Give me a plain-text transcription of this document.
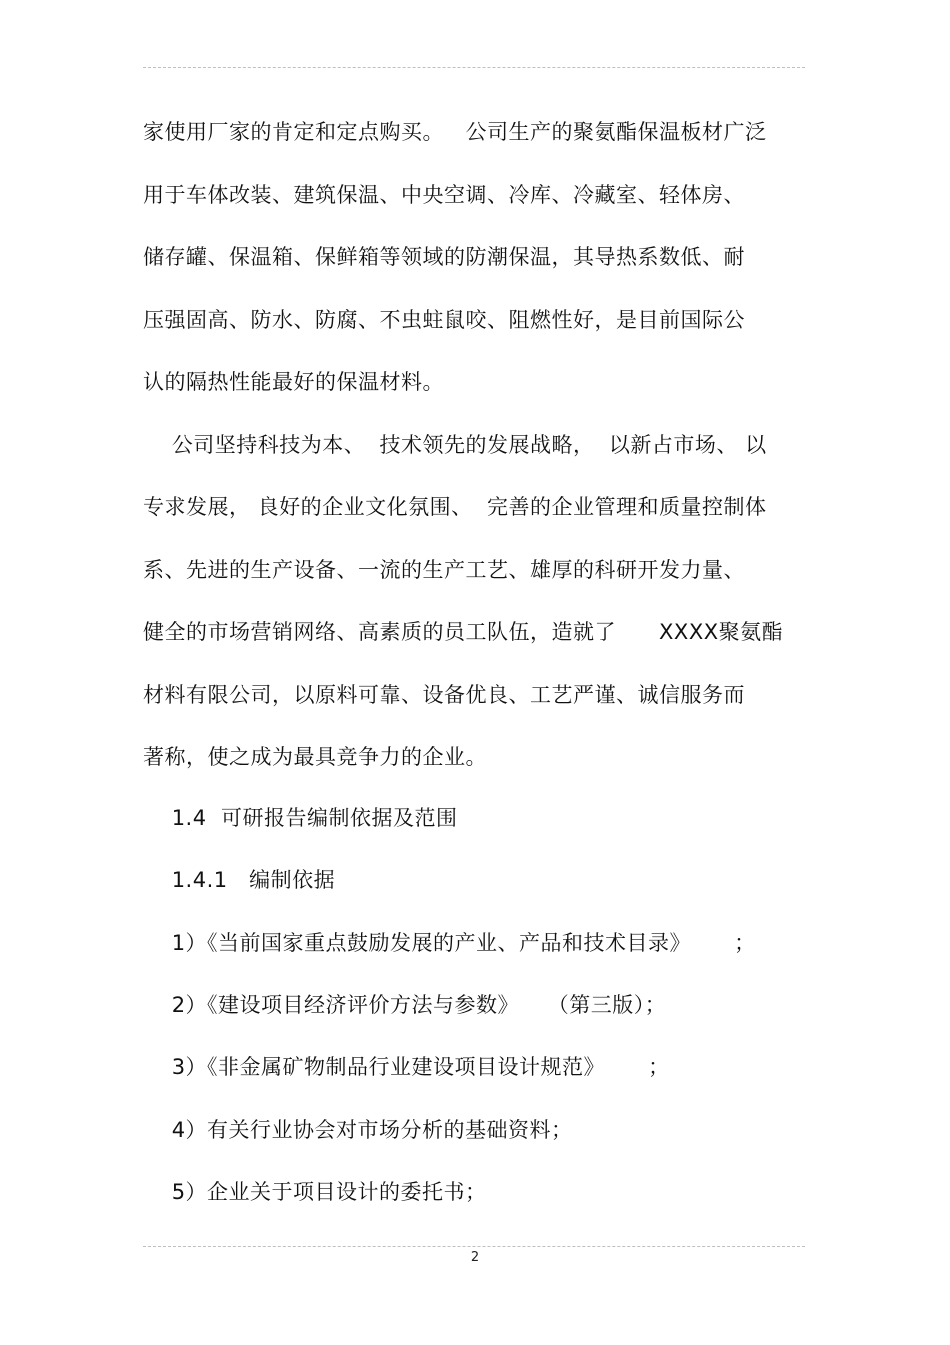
家使用厂家的肯定和定点购买。   公司生产的聚氨酯保温板材广泛
用于车体改装、建筑保温、中央空调、冷库、冷藏室、轻体房、
储存罐、保温箱、保鲜箱等领域的防潮保温，其导热系数低、耐
压强固高、防水、防腐、不虫蛀鼠咬、阻燃性好，是目前国际公
认的隔热性能最好的保温材料。
公司坚持科技为本、  技术领先的发展战略，  以新占市场、 以
专求发展， 良好的企业文化氛围、  完善的企业管理和质量控制体
系、先进的生产设备、一流的生产工艺、雄厚的科研开发力量、
健全的市场营销网络、高素质的员工队伍，造就了      XXXX聚氨酯
材料有限公司，以原料可靠、设备优良、工艺严谨、诚信服务而
著称，使之成为最具竞争力的企业。
1.4  可研报告编制依据及范围
1.4.1   编制依据
1）《当前国家重点鼓励发展的产业、产品和技术目录》      ；
2）《建设项目经济评价方法与参数》    （第三版）；
3）《非金属矿物制品行业建设项目设计规范》      ；
4）有关行业协会对市场分析的基础资料；
5）企业关于项目设计的委托书；
2
